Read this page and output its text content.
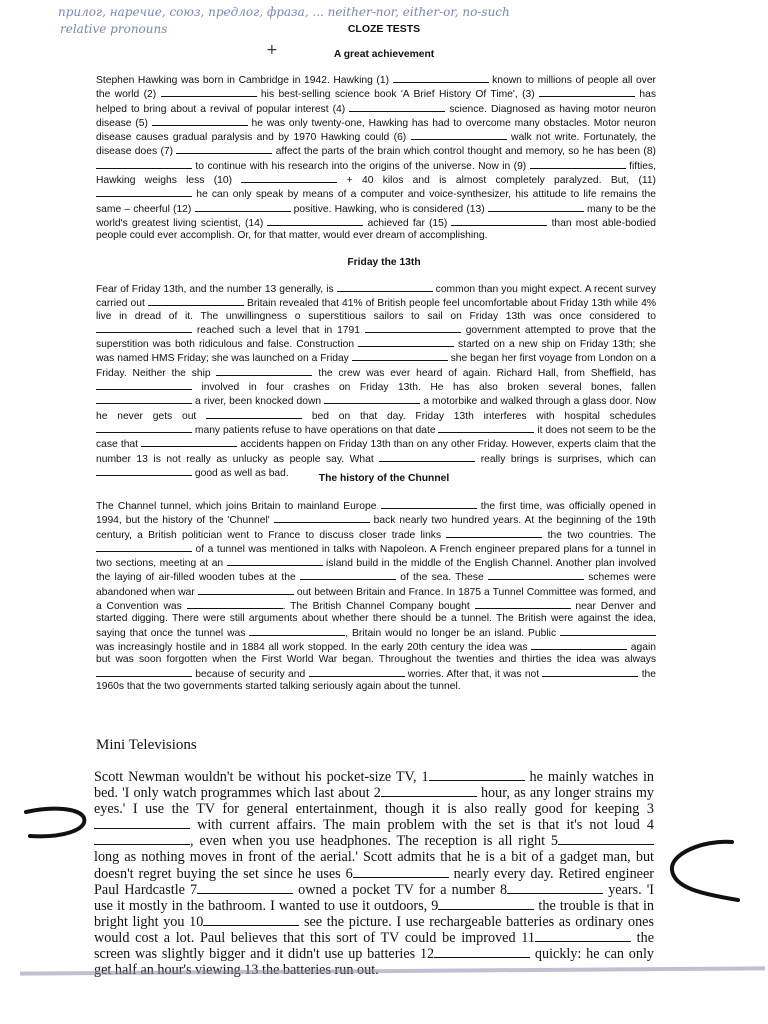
прилог, наречие, союз, предлог, фраза, ... neither-nor, either-or, no-such
relative pronouns
+
CLOZE TESTS
A great achievement
Stephen Hawking was born in Cambridge in 1942. Hawking (1)	known to millions of people all over the world (2)	his best-selling science book 'A Brief History Of Time', (3)	has helped to bring about a revival of popular interest (4)	science. Diagnosed as having motor neuron disease (5)	he was only twenty-one, Hawking has had to overcome many obstacles. Motor neuron disease causes gradual paralysis and by 1970 Hawking could (6)	walk not write. Fortunately, the disease does (7)	affect the parts of the brain which control thought and memory, so he has been (8)  to continue with his research into the origins of the universe. Now in (9)	fifties, Hawking weighs less (10)	+ 40 kilos and is almost completely paralyzed. But, (11)  he can only speak by means of a computer and voice-synthesizer, his attitude to life remains the same – cheerful (12)	positive. Hawking, who is considered (13)	many to be the world's greatest living scientist, (14)	achieved far (15)	than most able-bodied people could ever accomplish. Or, for that matter, would ever dream of accomplishing.
Friday the 13th
Fear of Friday 13th, and the number 13 generally, is	common than you might expect. A recent survey carried out	Britain revealed that 41% of British people feel uncomfortable about Friday 13th while 4% live in dread of it. The unwillingness o superstitious sailors to sail on Friday 13th was once considered to  reached such a level that in 1791	government attempted to prove that the superstition was both ridiculous and false. Construction	started on a new ship on Friday 13th; she was named HMS Friday; she was launched on a Friday	she began her first voyage from London on a Friday. Neither the ship	the crew was ever heard of again. Richard Hall, from Sheffield, has  involved in four crashes on Friday 13th. He has also broken several bones, fallen  a river, been knocked down	a motorbike and walked through a glass door. Now he never gets out	bed on that day. Friday 13th interferes with hospital schedules  many patients refuse to have operations on that date	it does not seem to be the case that	accidents happen on Friday 13th than on any other Friday. However, experts claim that the number 13 is not really as unlucky as people say. What	really brings is surprises, which can  good as well as bad.	The history of the Chunnel
The Channel tunnel, which joins Britain to mainland Europe	the first time, was officially opened in 1994, but the history of the 'Chunnel'	back nearly two hundred years. At the beginning of the 19th century, a British politician went to France to discuss closer trade links	the two countries. The  of a tunnel was mentioned in talks with Napoleon. A French engineer prepared plans for a tunnel in two sections, meeting at an	island build in the middle of the English Channel. Another plan involved the laying of air-filled wooden tubes at the	of the sea. These	schemes were abandoned when war	out between Britain and France. In 1875 a Tunnel Committee was formed, and a Convention was	. The British Channel Company bought	near Denver and started digging. There were still arguments about whether there should be a tunnel. The British were against the idea, saying that once the tunnel was	, Britain would no longer be an island. Public  was increasingly hostile and in 1884 all work stopped. In the early 20th century the idea was	again but was soon forgotten when the First World War began. Throughout the twenties and thirties the idea was always  because of security and	worries. After that, it was not	the 1960s that the two governments started talking seriously again about the tunnel.
Mini Televisions
Scott Newman wouldn't be without his pocket-size TV, 1	he mainly watches in bed. 'I only watch programmes which last about 2	hour, as any longer strains my eyes.' I use the TV for general entertainment, though it is also really good for keeping 3 with current affairs. The main problem with the set is that it's not loud 4, even when you use headphones. The reception is all right 5 long as nothing moves in front of the aerial.' Scott admits that he is a bit of a gadget man, but doesn't regret buying the set since he uses 6	nearly every day. Retired engineer Paul Hardcastle 7	owned a pocket TV for a number 8	years. 'I use it mostly in the bathroom. I wanted to use it outdoors, 9	the trouble is that in bright light you 10	see the picture. I use rechargeable batteries as ordinary ones would cost a lot. Paul believes that this sort of TV could be improved 11	the screen was slightly bigger and it didn't use up batteries 12	quickly: he can only
